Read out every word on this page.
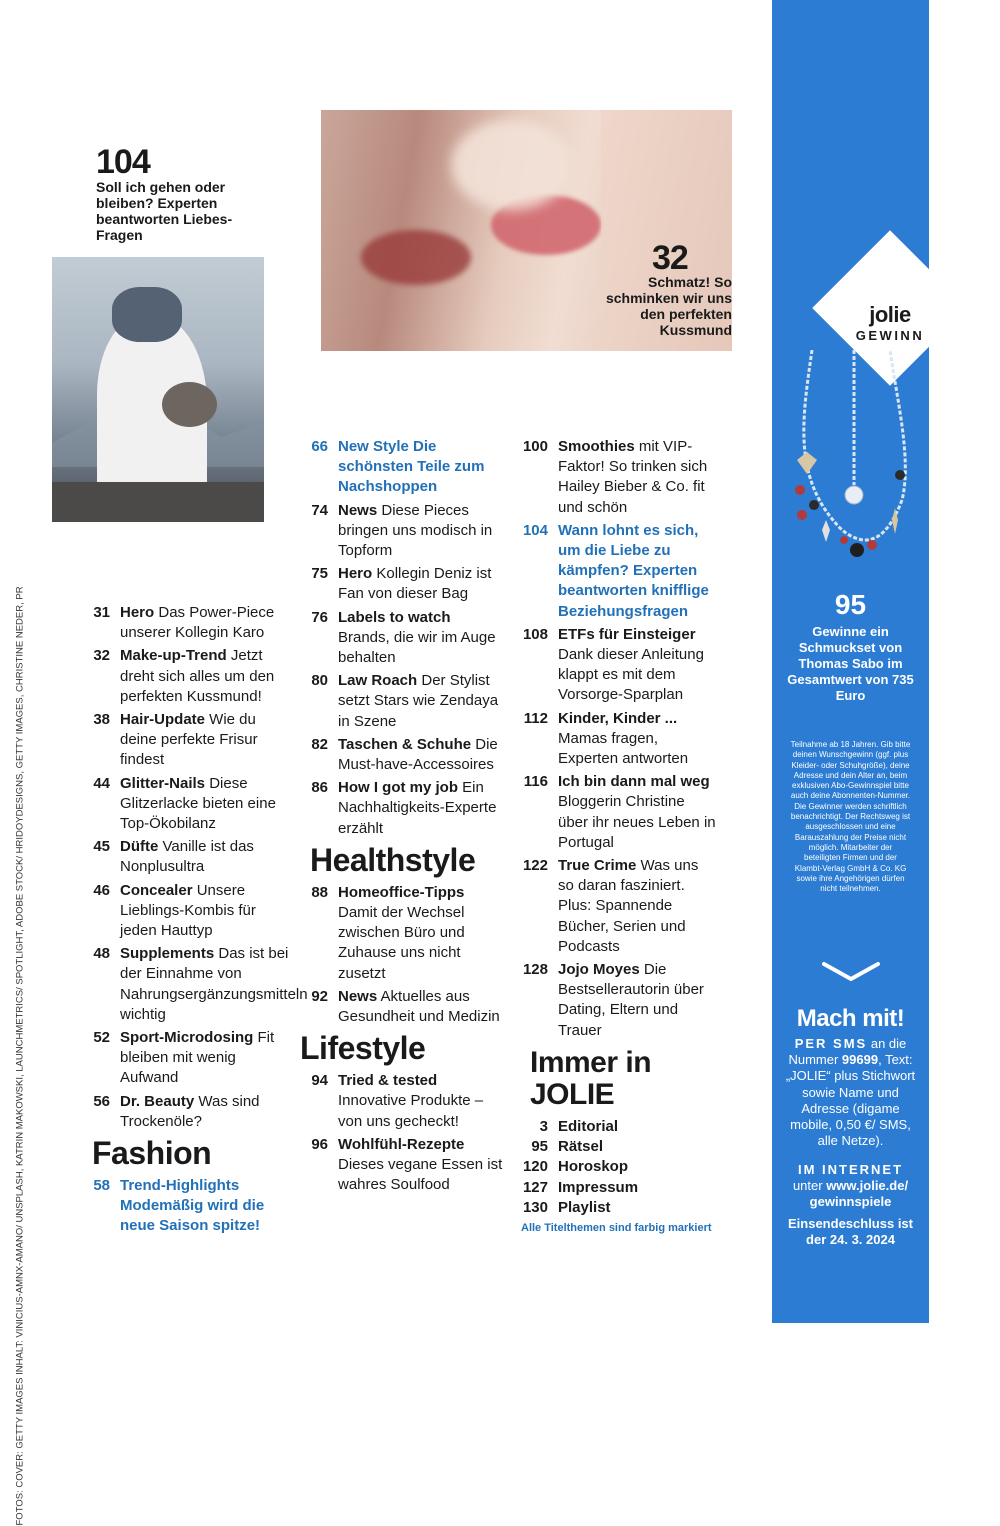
104
Soll ich gehen oder bleiben? Experten beantworten Liebes-Fragen
32
Schmatz! So schminken wir uns den perfekten Kussmund
FOTOS: COVER: GETTY IMAGES INHALT: VINICIUS-AMNX-AMANO/ UNSPLASH, KATRIN MAKOWSKI, LAUNCHMETRICS/ SPOTLIGHT, ADOBE STOCK/ HRIDOYDESIGNS, GETTY IMAGES, CHRISTINE NEDER, PR	31 Hero Das Power-Piece unserer Kollegin Karo
32 Make-up-Trend Jetzt dreht sich alles um den perfekten Kussmund!
38 Hair-Update Wie du deine perfekte Frisur findest
44 Glitter-Nails Diese Glitzerlacke bieten eine Top-Ökobilanz
45 Düfte Vanille ist das Nonplusultra
46 Concealer Unsere Lieblings-Kombis für jeden Hauttyp
48 Supplements Das ist bei der Einnahme von Nahrungsergänzungsmitteln wichtig
52 Sport-Microdosing Fit bleiben mit wenig Aufwand
56 Dr. Beauty Was sind Trockenöle?
Fashion
58 Trend-Highlights Modemäßig wird die neue Saison spitze!
66 New Style Die schönsten Teile zum Nachshoppen
74 News Diese Pieces bringen uns modisch in Topform
75 Hero Kollegin Deniz ist Fan von dieser Bag
76 Labels to watch Brands, die wir im Auge behalten
80 Law Roach Der Stylist setzt Stars wie Zendaya in Szene
82 Taschen & Schuhe Die Must-have-Accessoires
86 How I got my job Ein Nachhaltigkeits-Experte erzählt
Healthstyle
88 Homeoffice-Tipps Damit der Wechsel zwischen Büro und Zuhause uns nicht zusetzt
92 News Aktuelles aus Gesundheit und Medizin
Lifestyle
94 Tried & tested Innovative Produkte – von uns gecheckt!
96 Wohlfühl-Rezepte Dieses vegane Essen ist wahres Soulfood
100 Smoothies mit VIP-Faktor! So trinken sich Hailey Bieber & Co. fit und schön
104 Wann lohnt es sich, um die Liebe zu kämpfen? Experten beantworten knifflige Beziehungsfragen
108 ETFs für Einsteiger Dank dieser Anleitung klappt es mit dem Vorsorge-Sparplan
112 Kinder, Kinder ... Mamas fragen, Experten antworten
116 Ich bin dann mal weg Bloggerin Christine über ihr neues Leben in Portugal
122 True Crime Was uns so daran fasziniert. Plus: Spannende Bücher, Serien und Podcasts
128 Jojo Moyes Die Bestsellerautorin über Dating, Eltern und Trauer
Immer in
JOLIE
3 Editorial
95 Rätsel
120 Horoskop
127 Impressum
130 Playlist
Alle Titelthemen sind farbig markiert
jolie
GEWINN
95
Gewinne ein Schmuckset von Thomas Sabo im Gesamtwert von 735 Euro
Teilnahme ab 18 Jahren. Gib bitte deinen Wunschgewinn (ggf. plus Kleider- oder Schuhgröße), deine Adresse und dein Alter an, beim exklusiven Abo-Gewinnspiel bitte auch deine Abonnenten-Nummer. Die Gewinner werden schriftlich benachrichtigt. Der Rechtsweg ist ausgeschlossen und eine Barauszahlung der Preise nicht möglich. Mitarbeiter der beteiligten Firmen und der Klambt-Verlag GmbH & Co. KG sowie ihre Angehörigen dürfen nicht teilnehmen.
Mach mit!
PER SMS an die Nummer 99699, Text: „JOLIE“ plus Stichwort sowie Name und Adresse (digame mobile, 0,50 €/ SMS, alle Netze).
IM INTERNET
unter www.jolie.de/ gewinnspiele
Einsendeschluss ist der 24. 3. 2024
